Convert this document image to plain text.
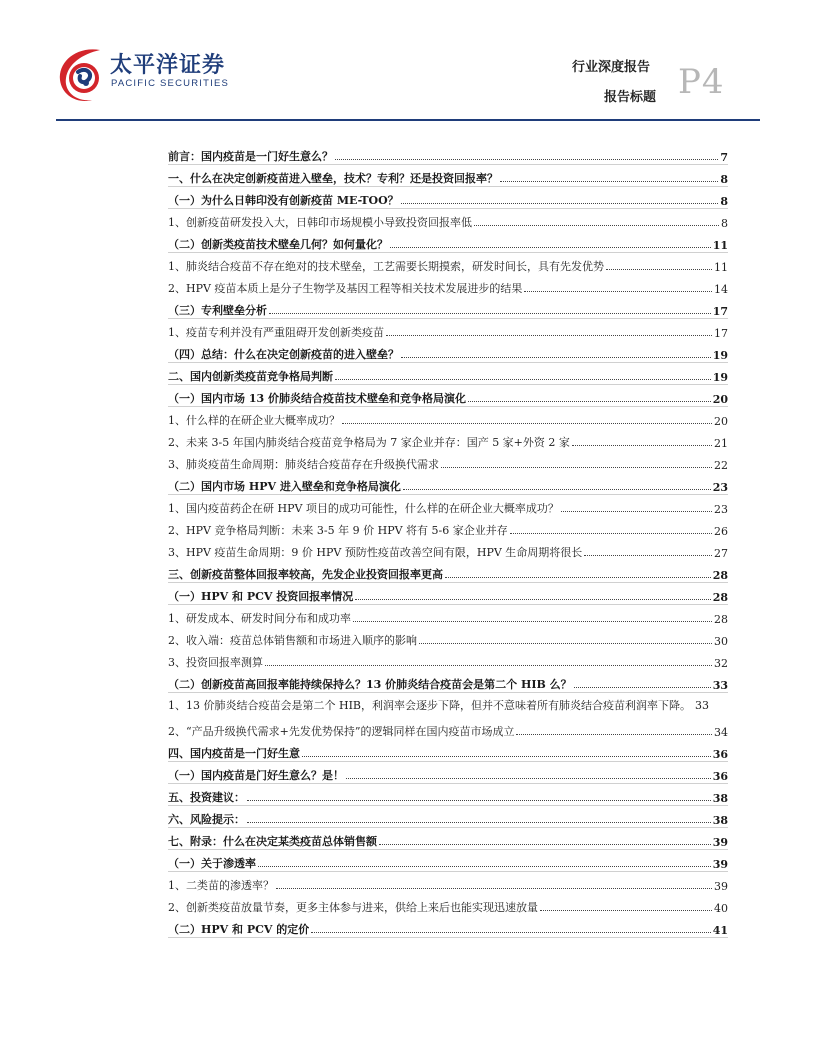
太平洋证券
PACIFIC SECURITIES
行业深度报告
报告标题 P4
前言：国内疫苗是一门好生意么？	7
一、什么在决定创新疫苗进入壁垒，技术？专利？还是投资回报率？	8
（一）为什么日韩印没有创新疫苗 ME-TOO？	8
1、创新疫苗研发投入大，日韩印市场规模小导致投资回报率低	8
（二）创新类疫苗技术壁垒几何？如何量化？	11
1、肺炎结合疫苗不存在绝对的技术壁垒，工艺需要长期摸索，研发时间长，具有先发优势	11
2、HPV 疫苗本质上是分子生物学及基因工程等相关技术发展进步的结果	14
（三）专利壁垒分析	17
1、疫苗专利并没有严重阻碍开发创新类疫苗	17
（四）总结：什么在决定创新疫苗的进入壁垒？	19
二、国内创新类疫苗竞争格局判断	19
（一）国内市场 13 价肺炎结合疫苗技术壁垒和竞争格局演化	20
1、什么样的在研企业大概率成功？	20
2、未来 3-5 年国内肺炎结合疫苗竞争格局为 7 家企业并存：国产 5 家+外资 2 家	21
3、肺炎疫苗生命周期：肺炎结合疫苗存在升级换代需求	22
（二）国内市场 HPV 进入壁垒和竞争格局演化	23
1、国内疫苗药企在研 HPV 项目的成功可能性，什么样的在研企业大概率成功？	23
2、HPV 竞争格局判断：未来 3-5 年 9 价 HPV 将有 5-6 家企业并存	26
3、HPV 疫苗生命周期：9 价 HPV 预防性疫苗改善空间有限，HPV 生命周期将很长	27
三、创新疫苗整体回报率较高，先发企业投资回报率更高	28
（一）HPV 和 PCV 投资回报率情况	28
1、研发成本、研发时间分布和成功率	28
2、收入端：疫苗总体销售额和市场进入顺序的影响	30
3、投资回报率测算	32
（二）创新疫苗高回报率能持续保持么？13 价肺炎结合疫苗会是第二个 HIB 么？	33
1、13 价肺炎结合疫苗会是第二个 HIB，利润率会逐步下降，但并不意味着所有肺炎结合疫苗利润率下降。 33
2、“产品升级换代需求+先发优势保持”的逻辑同样在国内疫苗市场成立	34
四、国内疫苗是一门好生意	36
（一）国内疫苗是门好生意么？是！	36
五、投资建议：	38
六、风险提示：	38
七、附录：什么在决定某类疫苗总体销售额	39
（一）关于渗透率	39
1、二类苗的渗透率？	39
2、创新类疫苗放量节奏，更多主体参与进来，供给上来后也能实现迅速放量	40
（二）HPV 和 PCV 的定价	41
